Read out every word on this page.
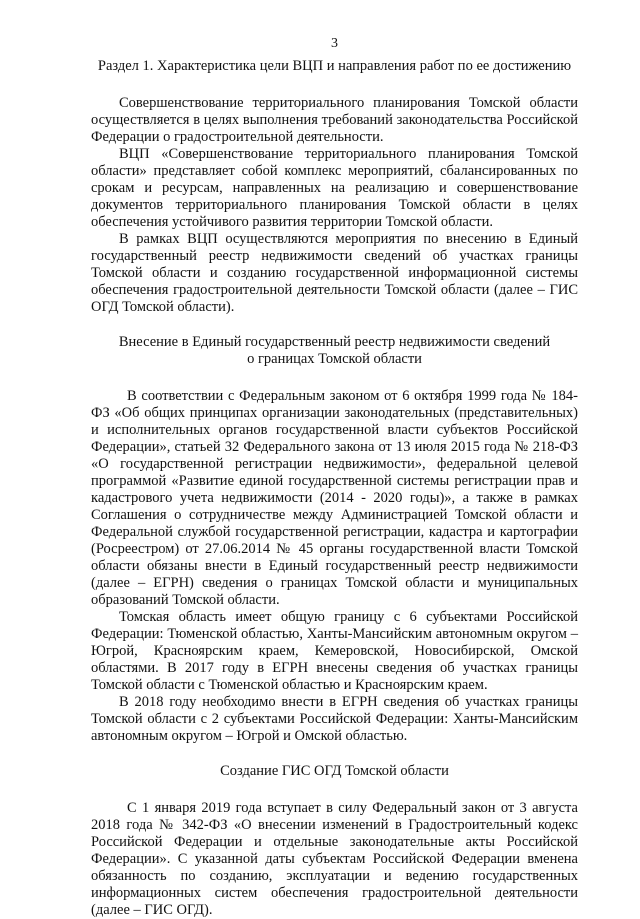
3
Раздел 1. Характеристика цели ВЦП и направления работ по ее достижению

Совершенствование территориального планирования Томской области осуществляется в целях выполнения требований законодательства Российской Федерации о градостроительной деятельности.

ВЦП «Совершенствование территориального планирования Томской области» представляет собой комплекс мероприятий, сбалансированных по срокам и ресурсам, направленных на реализацию и совершенствование документов территориального планирования Томской области в целях обеспечения устойчивого развития территории Томской области.

В рамках ВЦП осуществляются мероприятия по внесению в Единый государственный реестр недвижимости сведений об участках границы Томской области и созданию государственной информационной системы обеспечения градостроительной деятельности Томской области (далее – ГИС ОГД Томской области).

Внесение в Единый государственный реестр недвижимости сведений
о границах Томской области

В соответствии с Федеральным законом от 6 октября 1999 года № 184-ФЗ «Об общих принципах организации законодательных (представительных) и исполнительных органов государственной власти субъектов Российской Федерации», статьей 32 Федерального закона от 13 июля 2015 года № 218-ФЗ «О государственной регистрации недвижимости», федеральной целевой программой «Развитие единой государственной системы регистрации прав и кадастрового учета недвижимости (2014 - 2020 годы)», а также в рамках Соглашения о сотрудничестве между Администрацией Томской области и Федеральной службой государственной регистрации, кадастра и картографии (Росреестром) от 27.06.2014 № 45 органы государственной власти Томской области обязаны внести в Единый государственный реестр недвижимости (далее – ЕГРН) сведения о границах Томской области и муниципальных образований Томской области.

Томская область имеет общую границу с 6 субъектами Российской Федерации: Тюменской областью, Ханты-Мансийским автономным округом – Югрой, Красноярским краем, Кемеровской, Новосибирской, Омской областями. В 2017 году в ЕГРН внесены сведения об участках границы Томской области с Тюменской областью и Красноярским краем.

В 2018 году необходимо внести в ЕГРН сведения об участках границы Томской области с 2 субъектами Российской Федерации: Ханты-Мансийским автономным округом – Югрой и Омской областью.

Создание ГИС ОГД Томской области

С 1 января 2019 года вступает в силу Федеральный закон от 3 августа 2018 года № 342-ФЗ «О внесении изменений в Градостроительный кодекс Российской Федерации и отдельные законодательные акты Российской Федерации». С указанной даты субъектам Российской Федерации вменена обязанность по созданию, эксплуатации и ведению государственных информационных систем обеспечения градостроительной деятельности (далее – ГИС ОГД).
